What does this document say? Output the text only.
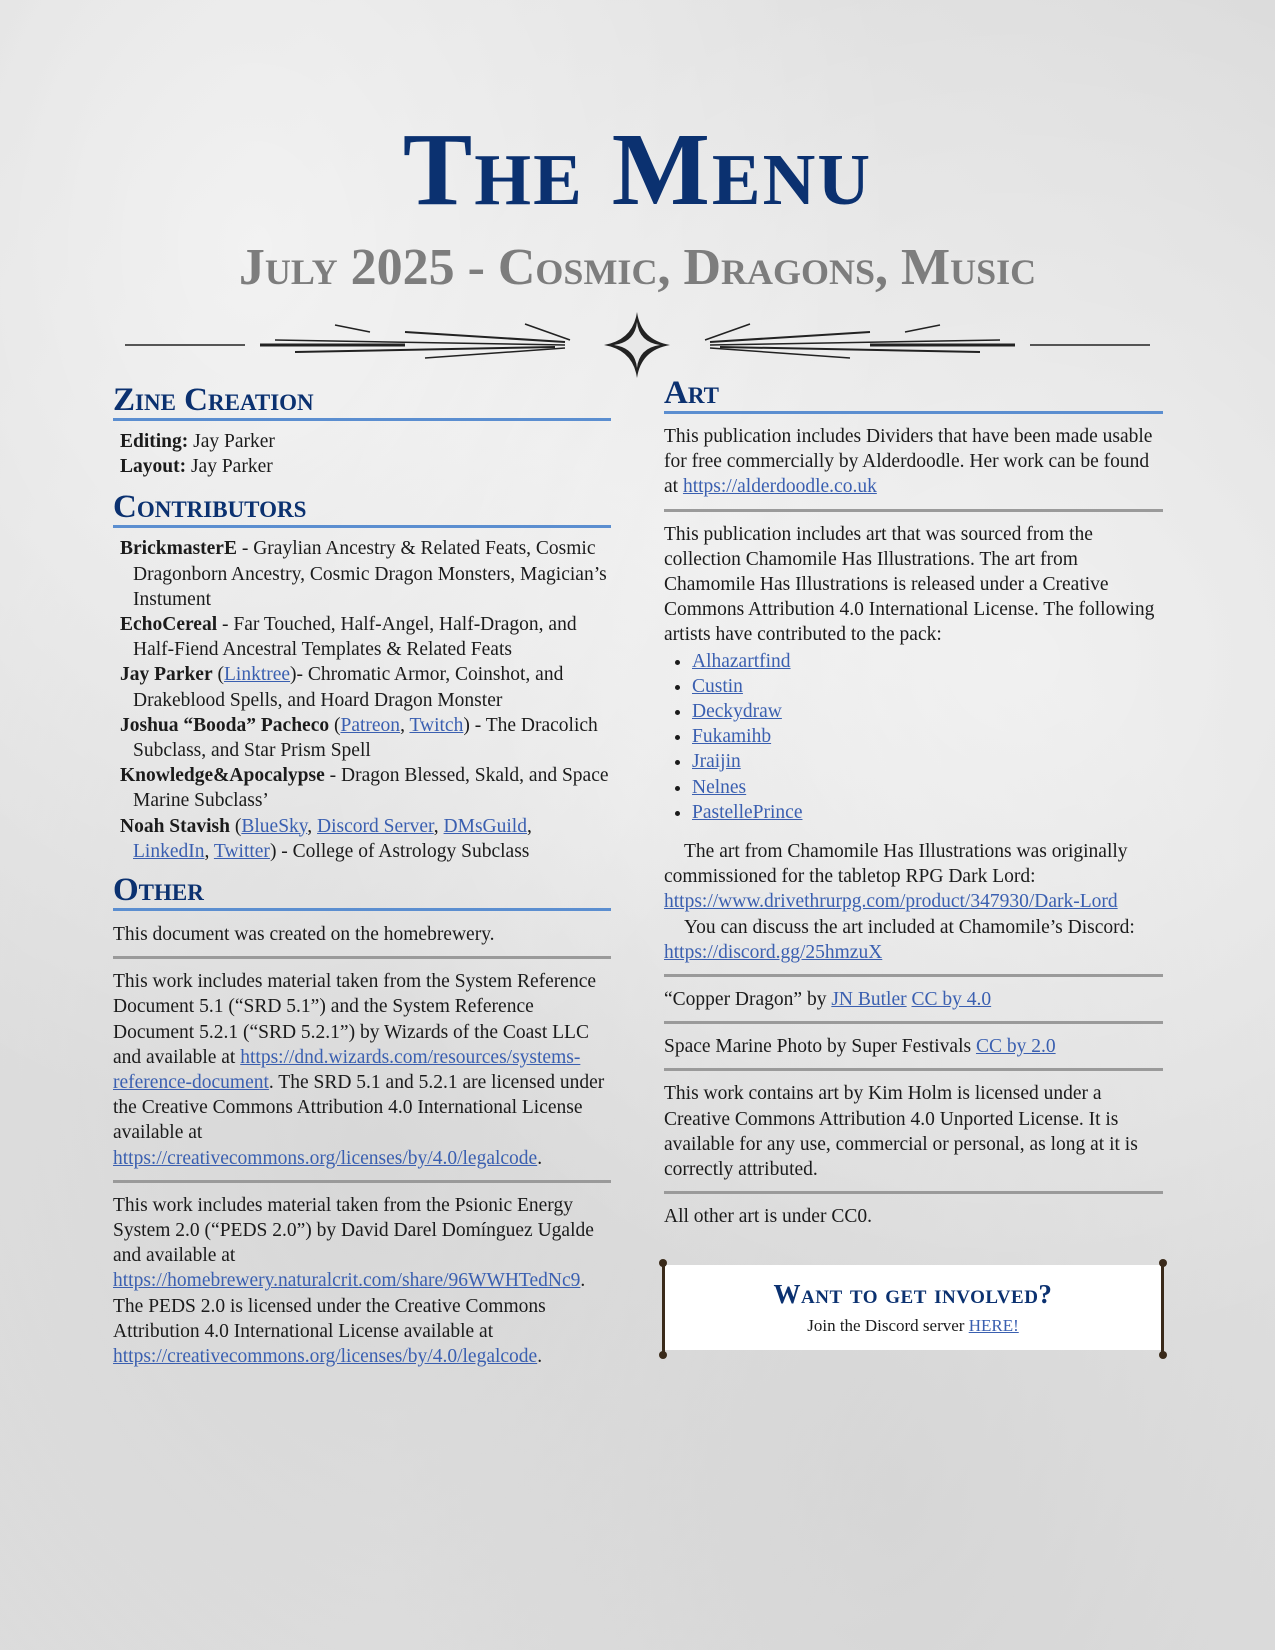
The Menu
July 2025 - Cosmic, Dragons, Music
Zine Creation
Editing: Jay Parker
Layout: Jay Parker
Contributors
BrickmasterE - Graylian Ancestry & Related Feats, Cosmic Dragonborn Ancestry, Cosmic Dragon Monsters, Magician’s Instument
EchoCereal - Far Touched, Half-Angel, Half-Dragon, and Half-Fiend Ancestral Templates & Related Feats
Jay Parker (Linktree)- Chromatic Armor, Coinshot, and Drakeblood Spells, and Hoard Dragon Monster
Joshua “Booda” Pacheco (Patreon, Twitch) - The Dracolich Subclass, and Star Prism Spell
Knowledge&Apocalypse - Dragon Blessed, Skald, and Space Marine Subclass’
Noah Stavish (BlueSky, Discord Server, DMsGuild, LinkedIn, Twitter) - College of Astrology Subclass
Other

This document was created on the homebrewery.

This work includes material taken from the System Reference Document 5.1 (“SRD 5.1”) and the System Reference Document 5.2.1 (“SRD 5.2.1”) by Wizards of the Coast LLC and available at https://dnd.wizards.com/resources/systems-reference-document. The SRD 5.1 and 5.2.1 are licensed under the Creative Commons Attribution 4.0 International License available at https://creativecommons.org/licenses/by/4.0/legalcode.

This work includes material taken from the Psionic Energy System 2.0 (“PEDS 2.0”) by David Darel Domínguez Ugalde and available at https://homebrewery.naturalcrit.com/share/96WWHTedNc9. The PEDS 2.0 is licensed under the Creative Commons Attribution 4.0 International License available at https://creativecommons.org/licenses/by/4.0/legalcode.

Art

This publication includes Dividers that have been made usable for free commercially by Alderdoodle. Her work can be found at https://alderdoodle.co.uk

This publication includes art that was sourced from the collection Chamomile Has Illustrations. The art from Chamomile Has Illustrations is released under a Creative Commons Attribution 4.0 International License. The following artists have contributed to the pack:

• Alhazartfind
• Custin
• Deckydraw
• Fukamihb
• Jraijin
• Nelnes
• PastellePrince

The art from Chamomile Has Illustrations was originally commissioned for the tabletop RPG Dark Lord: https://www.drivethrurpg.com/product/347930/Dark-Lord

You can discuss the art included at Chamomile’s Discord: https://discord.gg/25hmzuX

“Copper Dragon” by JN Butler CC by 4.0

Space Marine Photo by Super Festivals CC by 2.0

This work contains art by Kim Holm is licensed under a Creative Commons Attribution 4.0 Unported License. It is available for any use, commercial or personal, as long at it is correctly attributed.

All other art is under CC0.

Want to get involved?
Join the Discord server HERE!
